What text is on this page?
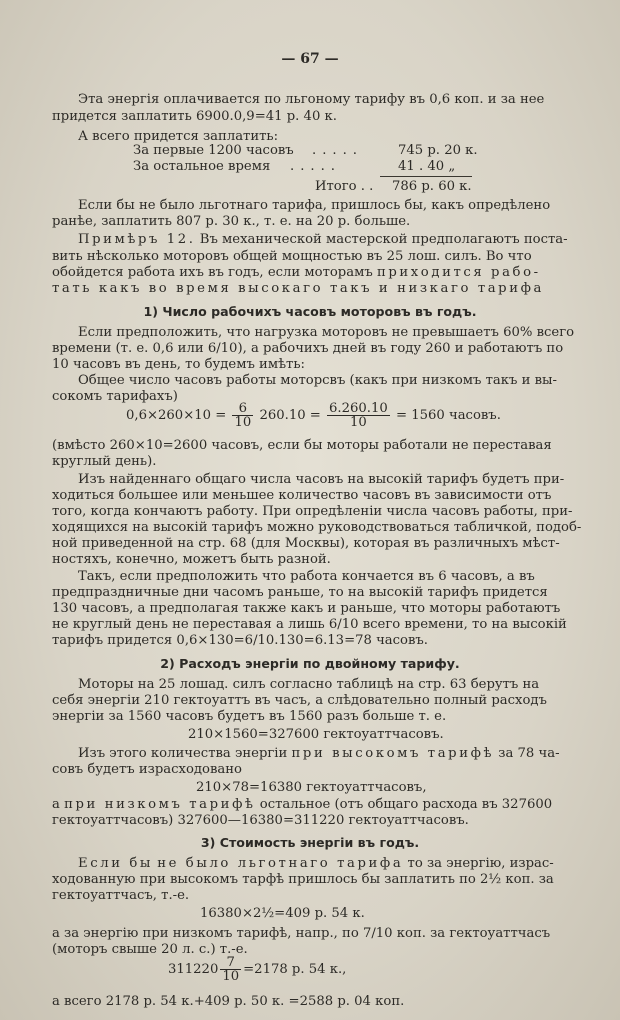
— 67 —
Эта энергія оплачивается по льгоному тарифу въ 0,6 коп. и за нее
придется заплатить 6900.0,9=41 р. 40 к.
А всего придется заплатить:
За первые 1200 часовъ .....	745 р. 20 к.
За остальное время .....	41 . 40 „
Итого . . 786 р. 60 к.
Если бы не было льготнаго тарифа, пришлось бы, какъ опредѣлено
ранѣе, заплатить 807 р. 30 к., т. е. на 20 р. больше.
Примѣръ 12. Въ механической мастерской предполагаютъ поста-
вить нѣсколько моторовъ общей мощностью въ 25 лош. силъ. Во что
обойдется работа ихъ въ годъ, если моторамъ приходится рабо-
тать какъ во время высокаго такъ и низкаго тарифа
1) Число рабочихъ часовъ моторовъ въ годъ.
Если предположить, что нагрузка моторовъ не превышаетъ 60% всего
времени (т. е. 0,6 или 6/10), а рабочихъ дней въ году 260 и работаютъ по
10 часовъ въ день, то будемъ имѣть:
Общее число часовъ работы моторсвъ (какъ при низкомъ такъ и вы-
сокомъ тарифахъ)
$0,6\times 260\times 10 = \frac{6}{10} 260.10 = \frac{6.260.10}{10} = 1560$ часовъ.
(вмѣсто 260×10=2600 часовъ, если бы моторы работали не переставая
круглый день).
Изъ найденнаго общаго числа часовъ на высокій тарифъ будетъ при-
ходиться большее или меньшее количество часовъ въ зависимости отъ
того, когда кончаютъ работу. При опредѣленіи числа часовъ работы, при-
ходящихся на высокій тарифъ можно руководствоваться табличкой, подоб-
ной приведенной на стр. 68 (для Москвы), которая въ различныхъ мѣст-
ностяхъ, конечно, можетъ быть разной.
Такъ, если предположить что работа кончается въ 6 часовъ, а въ
предпраздничные дни часомъ раньше, то на высокій тарифъ придется
130 часовъ, а предполагая также какъ и раньше, что моторы работаютъ
не круглый день не переставая а лишь 6/10 всего времени, то на высокій
тарифъ придется 0,6×130=6/10.130=6.13=78 часовъ.
2) Расходъ энергіи по двойному тарифу.
Моторы на 25 лошад. силъ согласно таблицѣ на стр. 63 берутъ на
себя энергіи 210 гектоуаттъ въ часъ, а слѣдовательно полный расходъ
энергіи за 1560 часовъ будетъ въ 1560 разъ больше т. е.
210×1560=327600 гектоуаттчасовъ.
Изъ этого количества энергіи при высокомъ тарифѣ за 78 ча-
совъ будетъ израсходовано
210×78=16380 гектоуаттчасовъ,
а при низкомъ тарифѣ остальное (отъ общаго расхода въ 327600
гектоуаттчасовъ) 327600—16380=311220 гектоуаттчасовъ.
3) Стоимость энергіи въ годъ.
Если бы не было льготнаго тарифа то за энергію, израс-
ходованную при высокомъ тарфѣ пришлось бы заплатить по 2½ коп. за
гектоуаттчасъ, т.-е.
16380×2½=409 р. 54 к.
а за энергію при низкомъ тарифѣ, напр., по 7/10 коп. за гектоуаттчасъ
(моторъ свыше 20 л. с.) т.-е.
$311220 \frac{7}{10} =2178$ р. 54 к.,
а всего 2178 р. 54 к.+409 р. 50 к. =2588 р. 04 коп.
